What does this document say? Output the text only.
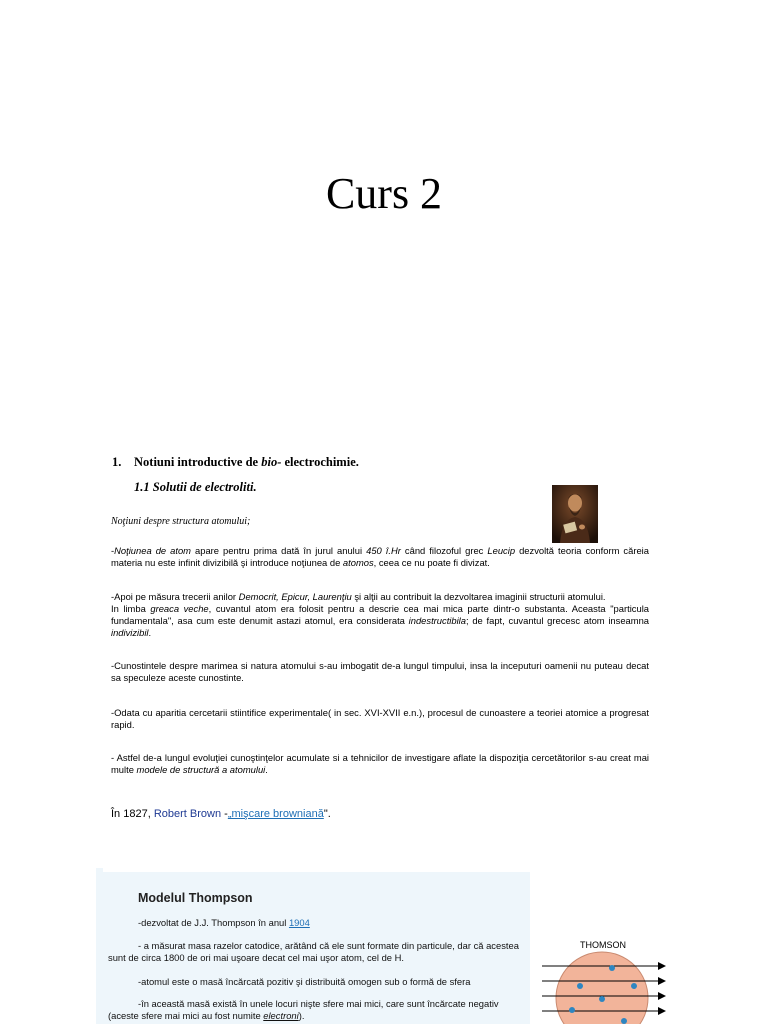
Curs 2
1. Notiuni introductive de bio- electrochimie.
1.1 Solutii de electroliti.
Noţiuni despre structura atomului;
-Noţiunea de atom apare pentru prima dată în jurul anului 450 î.Hr când filozoful grec Leucip dezvoltă teoria conform căreia materia nu este infinit divizibilă şi introduce noţiunea de atomos, ceea ce nu poate fi divizat.
-Apoi pe măsura trecerii anilor Democrit, Epicur, Laurenţiu şi alţii au contribuit la dezvoltarea imaginii structurii atomului.
In limba greaca veche, cuvantul atom era folosit pentru a descrie cea mai mica parte dintr-o substanta. Aceasta "particula fundamentala", asa cum este denumit astazi atomul, era considerata indestructibila; de fapt, cuvantul grecesc atom inseamna indivizibil.
-Cunostintele despre marimea si natura atomului s-au imbogatit de-a lungul timpului, insa la inceputuri oamenii nu puteau decat sa speculeze aceste cunostinte.
-Odata cu aparitia cercetarii stiintifice experimentale( in sec. XVI-XVII e.n.), procesul de cunoastere a teoriei atomice a progresat rapid.
- Astfel de-a lungul evoluţiei cunoştinţelor acumulate si a tehnicilor de investigare aflate la dispoziţia cercetătorilor s-au creat mai multe modele de structură a atomului.
În 1827, Robert Brown -„mişcare browniană".
Modelul Thompson
-dezvoltat de J.J. Thompson în anul 1904
- a măsurat masa razelor catodice, arătând că ele sunt formate din particule, dar că acestea sunt de circa 1800 de ori mai uşoare decat cel mai uşor atom, cel de H.
-atomul este o masă încărcată pozitiv şi distribuită omogen sub o formă de sfera
-în această masă există în unele locuri nişte sfere mai mici, care sunt încărcate negativ (aceste sfere mai mici au fost numite electroni).
THOMSON
